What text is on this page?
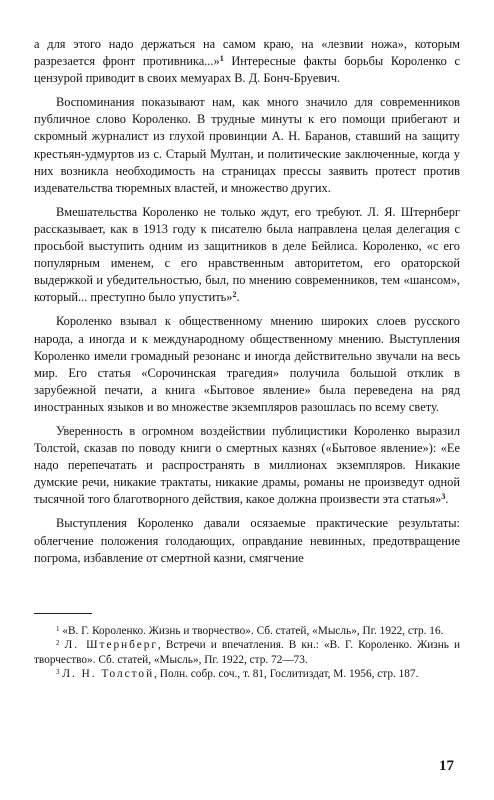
а для этого надо держаться на самом краю, на «лезвии ножа», которым разрезается фронт противника...»$^1$ Интересные факты борьбы Короленко с цензурой приводит в своих мемуарах В. Д. Бонч-Бруевич.

Воспоминания показывают нам, как много значило для современников публичное слово Короленко. В трудные минуты к его помощи прибегают и скромный журналист из глухой провинции А. Н. Баранов, ставший на защиту крестьян-удмуртов из с. Старый Мултан, и политические заключенные, когда у них возникла необходимость на страницах прессы заявить протест против издевательства тюремных властей, и множество других.

Вмешательства Короленко не только ждут, его требуют. Л. Я. Штернберг рассказывает, как в 1913 году к писателю была направлена целая делегация с просьбой выступить одним из защитников в деле Бейлиса. Короленко, «с его популярным именем, с его нравственным авторитетом, его ораторской выдержкой и убедительностью, был, по мнению современников, тем «шансом», который... преступно было упустить»$^2$.

Короленко взывал к общественному мнению широких слоев русского народа, а иногда и к международному общественному мнению. Выступления Короленко имели громадный резонанс и иногда действительно звучали на весь мир. Его статья «Сорочинская трагедия» получила большой отклик в зарубежной печати, а книга «Бытовое явление» была переведена на ряд иностранных языков и во множестве экземпляров разошлась по всему свету.

Уверенность в огромном воздействии публицистики Короленко выразил Толстой, сказав по поводу книги о смертных казнях («Бытовое явление»): «Ее надо перепечатать и распространять в миллионах экземпляров. Никакие думские речи, никакие трактаты, никакие драмы, романы не произведут одной тысячной того благотворного действия, какое должна произвести эта статья»$^3$.

Выступления Короленко давали осязаемые практические результаты: облегчение положения голодающих, оправдание невинных, предотвращение погрома, избавление от смертной казни, смягчение

$^1$ «В. Г. Короленко. Жизнь и творчество». Сб. статей, «Мысль», Пг. 1922, стр. 16.

$^2$ Л. Штернберг, Встречи и впечатления. В кн.: «В. Г. Короленко. Жизнь и творчество». Сб. статей, «Мысль», Пг. 1922, стр. 72—73.

$^3$ Л. Н. Толстой, Полн. собр. соч., т. 81, Гослитиздат, М. 1956, стр. 187.

17
